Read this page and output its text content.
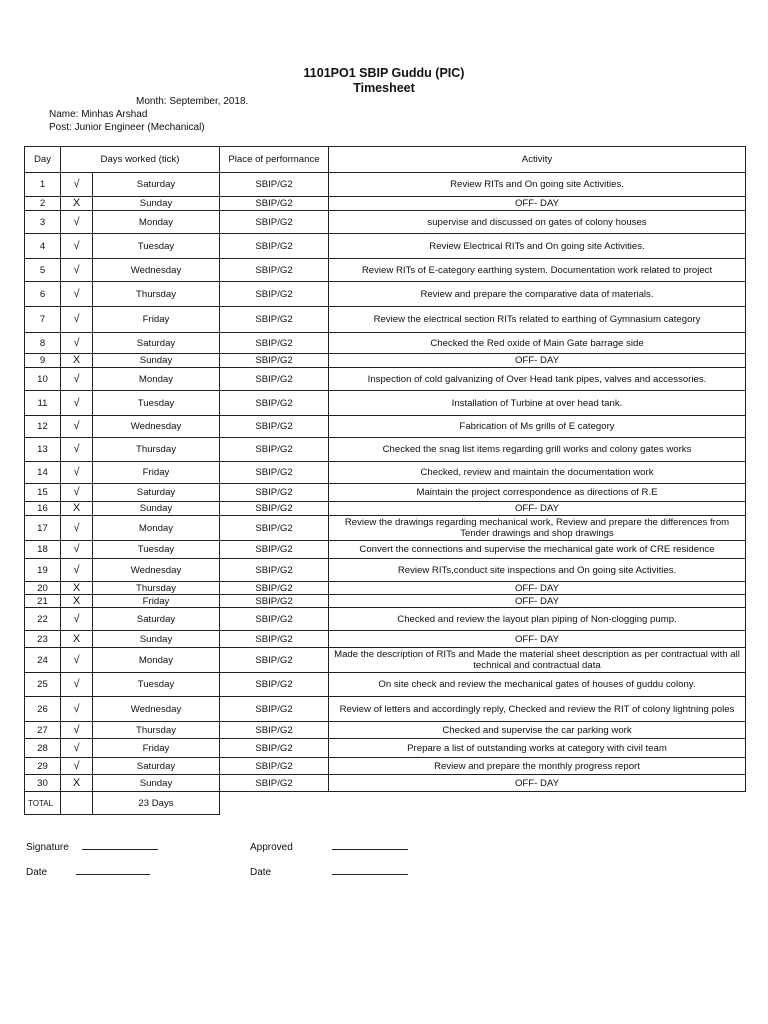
1101PO1 SBIP Guddu (PIC)
Timesheet
Month: September, 2018.
Name: Minhas Arshad
Post: Junior Engineer (Mechanical)
Day	Days worked (tick)		Place of performance	Activity
1	√	Saturday	SBIP/G2	Review RITs and On going site Activities.
2	X	Sunday	SBIP/G2	OFF- DAY
3	√	Monday	SBIP/G2	supervise and discussed on gates of colony houses
4	√	Tuesday	SBIP/G2	Review Electrical RITs and On going site Activities.
5	√	Wednesday	SBIP/G2	Review RITs of E-category earthing system. Documentation work related to project
6	√	Thursday	SBIP/G2	Review and prepare the comparative data of materials.
7	√	Friday	SBIP/G2	Review the electrical section RITs related to earthing of Gymnasium category
8	√	Saturday	SBIP/G2	Checked the Red oxide of Main Gate barrage side
9	X	Sunday	SBIP/G2	OFF- DAY
10	√	Monday	SBIP/G2	Inspection of cold galvanizing of Over Head tank pipes, valves and accessories.
11	√	Tuesday	SBIP/G2	Installation of Turbine at over head tank.
12	√	Wednesday	SBIP/G2	Fabrication of Ms grills of E category
13	√	Thursday	SBIP/G2	Checked the snag list items regarding grill works and colony gates works
14	√	Friday	SBIP/G2	Checked, review and maintain the documentation work
15	√	Saturday	SBIP/G2	Maintain the project correspondence as directions of R.E
16	X	Sunday	SBIP/G2	OFF- DAY
17	√	Monday	SBIP/G2	Review the drawings regarding mechanical work, Review and prepare the differences from Tender drawings and shop drawings
18	√	Tuesday	SBIP/G2	Convert the connections and supervise the mechanical gate work of CRE residence
19	√	Wednesday	SBIP/G2	Review RITs,conduct site inspections and On going site Activities.
20	X	Thursday	SBIP/G2	OFF- DAY
21	X	Friday	SBIP/G2	OFF- DAY
22	√	Saturday	SBIP/G2	Checked and review the layout plan piping of Non-clogging pump.
23	X	Sunday	SBIP/G2	OFF- DAY
24	√	Monday	SBIP/G2	Made the description of RITs and Made the material sheet description as per contractual with all technical and contractual data
25	√	Tuesday	SBIP/G2	On site check and review the mechanical gates of houses of guddu colony.
26	√	Wednesday	SBIP/G2	Review of letters and accordingly reply, Checked and review the RIT of colony lightning poles
27	√	Thursday	SBIP/G2	Checked and supervise the car parking work
28	√	Friday	SBIP/G2	Prepare a list of outstanding works at category with civil team
29	√	Saturday	SBIP/G2	Review and prepare the monthly progress report
30	X	Sunday	SBIP/G2	OFF- DAY
TOTAL		23 Days		
Signature	Approved
Date	Date
